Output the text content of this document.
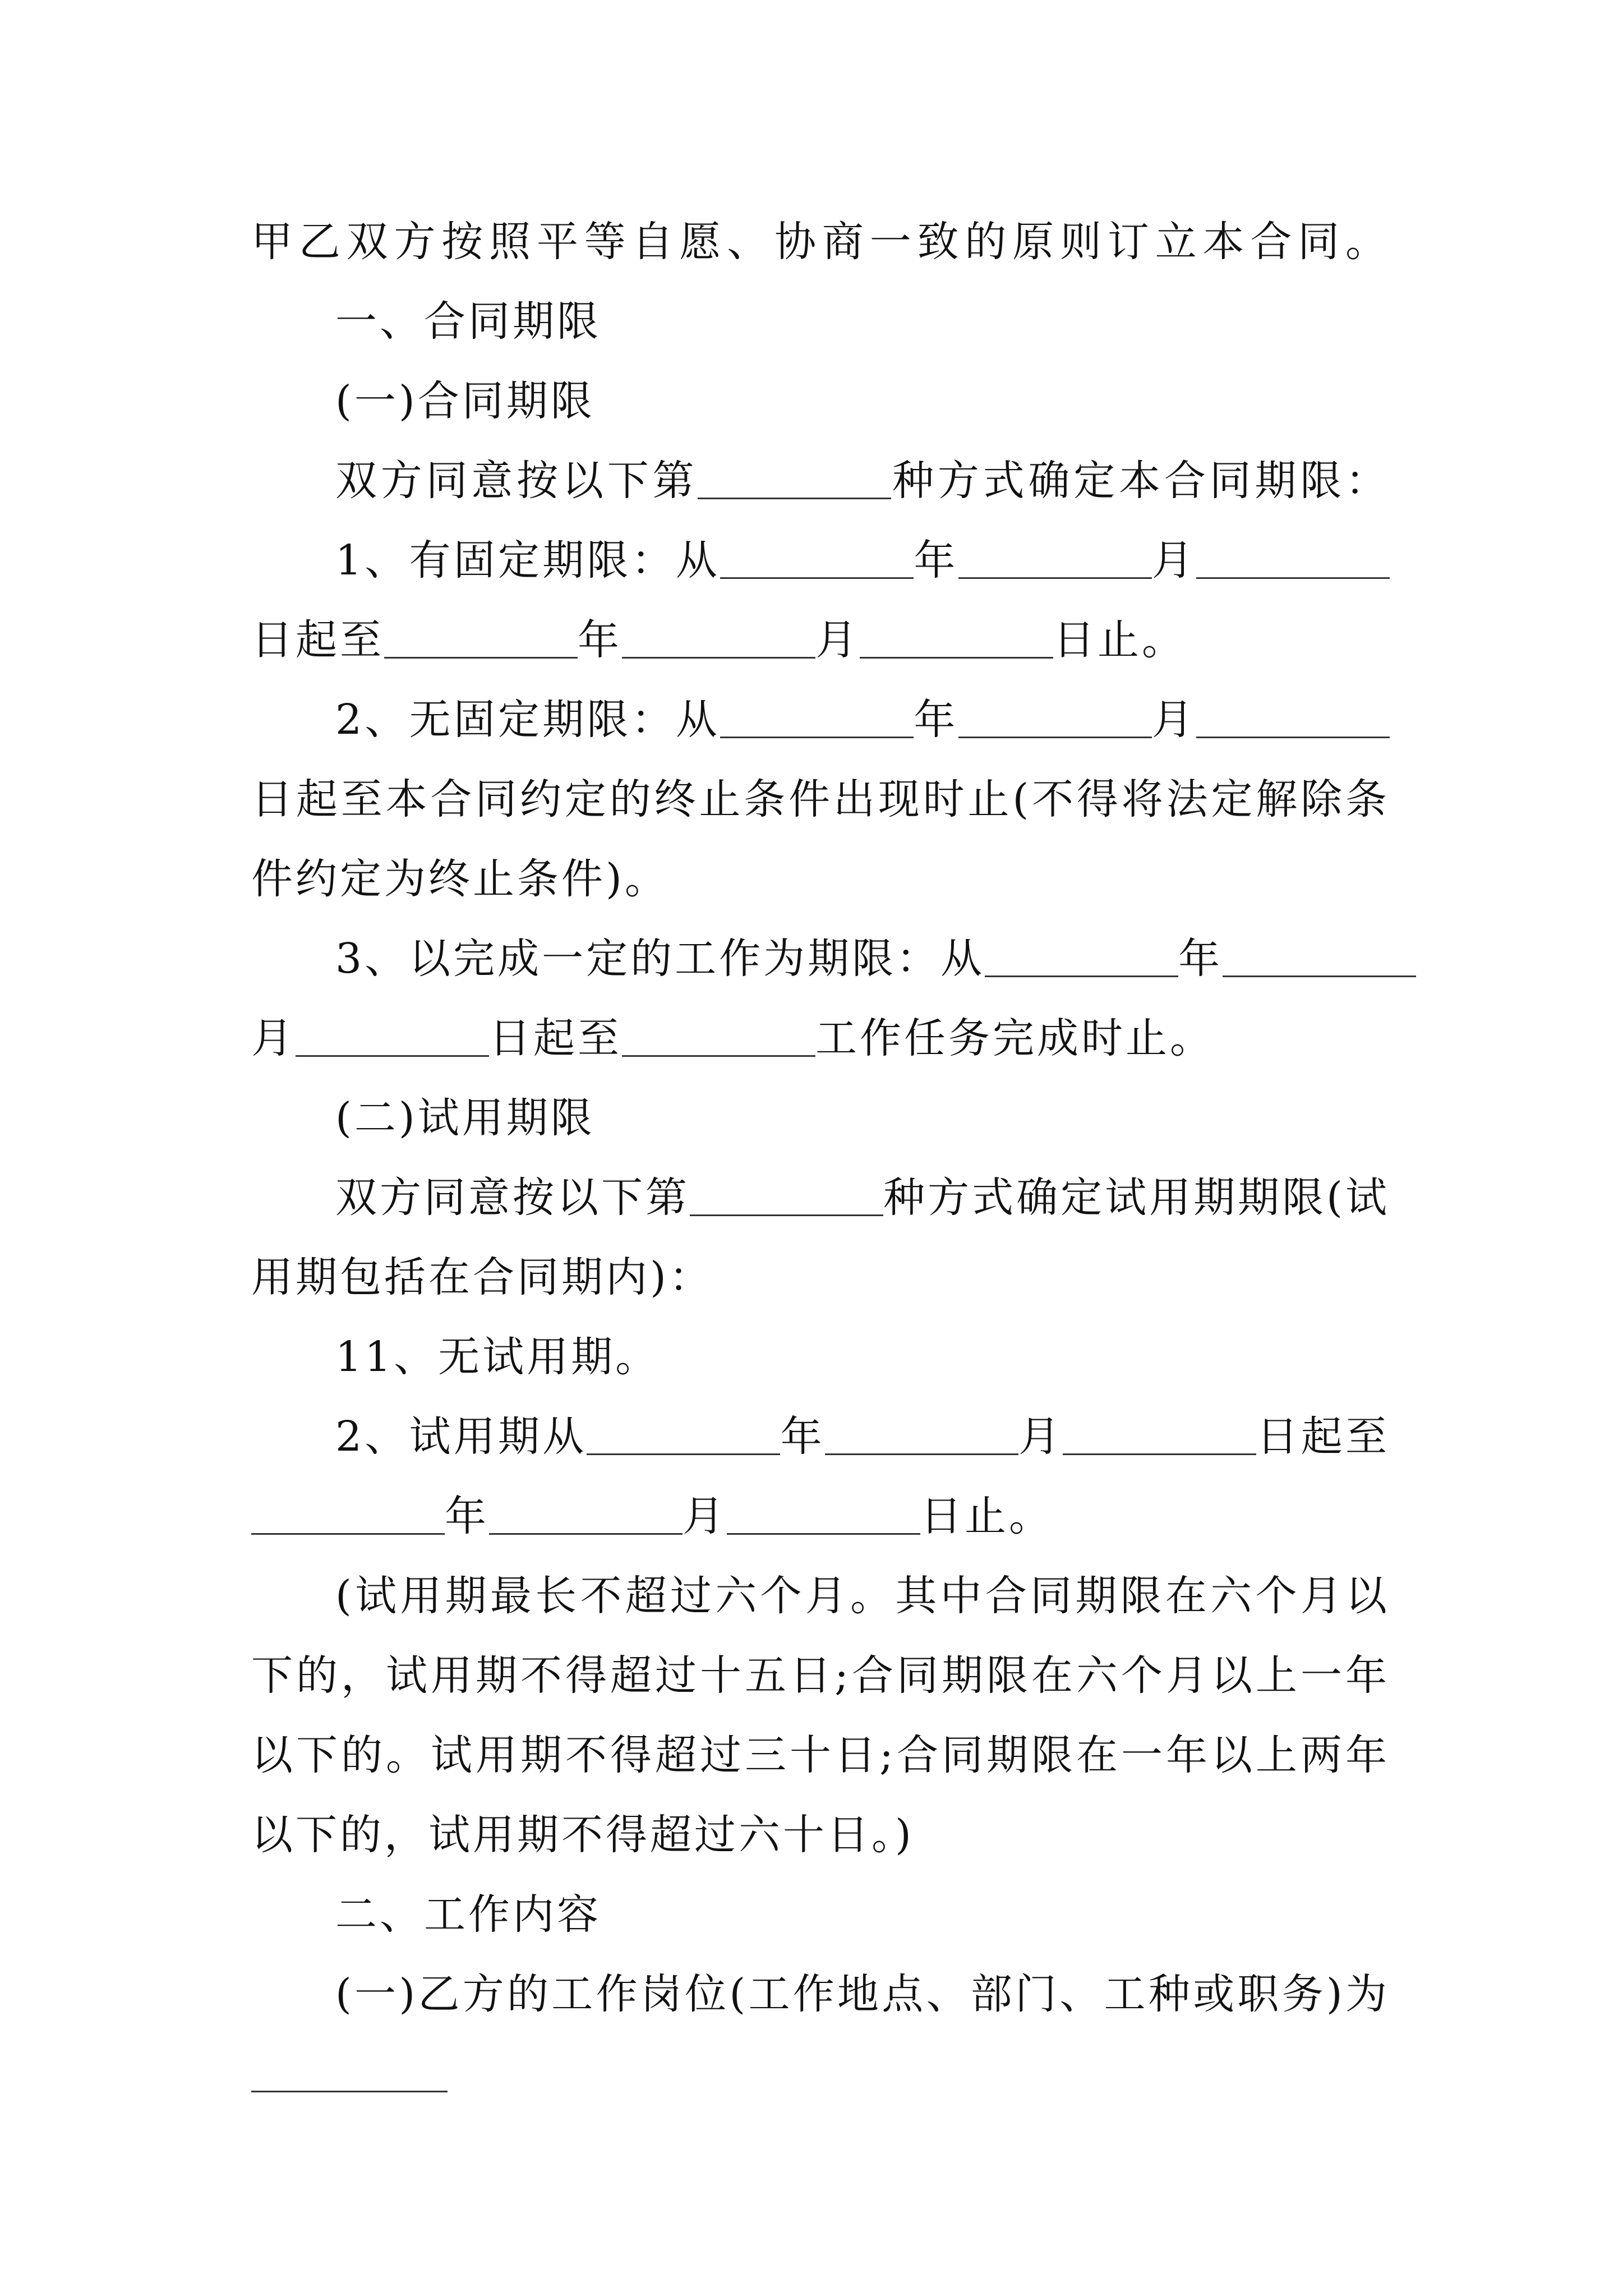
甲乙双方按照平等自愿、协商一致的原则订立本合同。
一、合同期限
(一)合同期限
双方同意按以下第	种方式确定本合同期限：
1、有固定期限：从	年	月
日起至	年	月	日止。
2、无固定期限：从	年	月
日起至本合同约定的终止条件出现时止(不得将法定解除条
件约定为终止条件)。
3、以完成一定的工作为期限：从	年
月	日起至	工作任务完成时止。
(二)试用期限
双方同意按以下第	种方式确定试用期期限(试
用期包括在合同期内)：
11、无试用期。
2、试用期从	年	月	日起至
年	月	日止。
(试用期最长不超过六个月。其中合同期限在六个月以
下的，试用期不得超过十五日;合同期限在六个月以上一年
以下的。试用期不得超过三十日;合同期限在一年以上两年
以下的，试用期不得超过六十日。)
二、工作内容
(一)乙方的工作岗位(工作地点、部门、工种或职务)为
